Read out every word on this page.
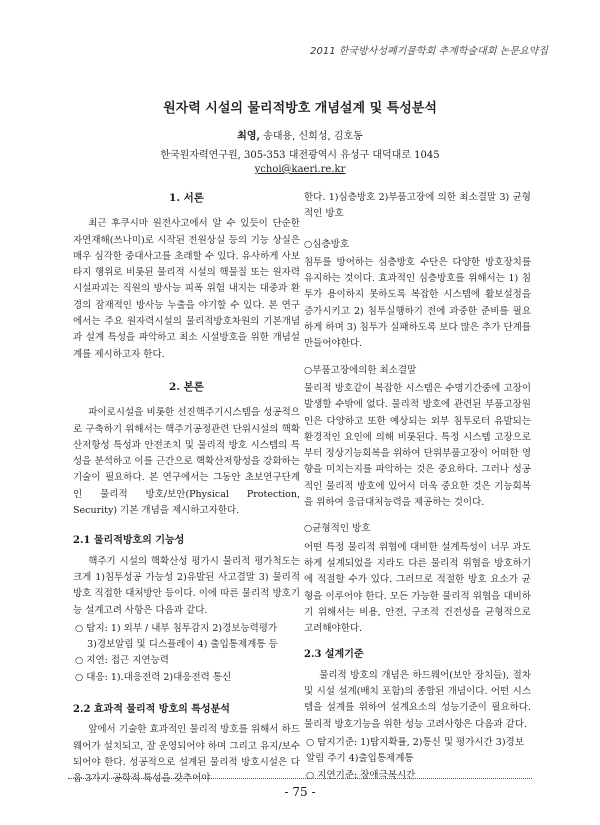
2011 한국방사성폐기물학회 추계학술대회 논문요약집
원자력 시설의 물리적방호 개념설계 및 특성분석
최영, 송대용, 신희성, 김호동
한국원자력연구원, 305-353 대전광역시 유성구 대덕대로 1045
ychoi@kaeri.re.kr
1. 서론

최근 후쿠시마 원전사고에서 알 수 있듯이 단순한 자연재해(쓰나미)로 시작된 전원상실 등의 기능 상실은 매우 심각한 중대사고를 초래할 수 있다. 유사하게 사보타지 행위로 비롯된 물리적 시설의 핵물질 또는 원자력 시설파괴는 직원의 방사능 피폭 위험 내지는 대중과 환경의 잠재적인 방사능 누출을 야기할 수 있다. 본 연구에서는 주요 원자력시설의 물리적방호차원의 기본개념과 설계 특성을 파악하고 최소 시설방호을 위한 개념설계를 제시하고자 한다.

2. 본론

파이로시설을 비롯한 선진핵주기시스템을 성공적으로 구축하기 위해서는 핵주기공정관련 단위시설의 핵확산저항성 특성과 안전조치 및 물리적 방호 시스템의 특성을 분석하고 이를 근간으로 핵확산저항성을 강화하는 기술이 필요하다. 본 연구에서는 그동안 초보연구단계인 물리적 방호/보안(Physical Protection, Security) 기본 개념을 제시하고자한다.

2.1 물리적방호의 기능성

핵주기 시설의 핵확산성 평가시 물리적 평가척도는 크게 1)침투성공 가능성 2)유발된 사고결말 3) 물리적 방호 직접한 대처방안 등이다. 이에 따른 물리적 방호기능 설계고려 사항은 다음과 같다.

○ 탐지: 1) 외부 / 내부 침투감지 2)경보능력평가
3)경보알림 및 디스플레이 4) 출입통제계통 등
○ 지연: 접근 지연능력
○ 대응: 1).대응전력 2)대응전력 통신
2.2 효과적 물리적 방호의 특성분석

앞에서 기술한 효과적인 물리적 방호를 위해서 하드웨어가 설치되고, 잘 운영되어야 하며 그리고 유지/보수되어야 한다. 성공적으로 설계된 물리적 방호시설은 다음 3가지 공학적 특성을 갖추어야

한다. 1)심층방호 2)부품고장에 의한 최소결말 3) 균형적인 방호

○심층방호

침투를 방어하는 심층방호 수단은 다양한 방호장치를 유지하는 것이다. 효과적인 심층방호를 위해서는 1) 침투가 용이하지 못하도록 복잡한 시스템에 활보설정을 증가시키고 2) 침투실행하기 전에 과중한 준비를 필요하게 하며 3) 침투가 실패하도록 보다 많은 추가 단계를 만들어야한다.

○부품고장에의한 최소결말

물리적 방호같이 복잡한 시스템은 수명기간중에 고장이 발생할 수밖에 없다. 물리적 방호에 관련된 부품고장원인은 다양하고 또한 예상되는 외부 침투로터 유발되는 환경적인 요인에 의해 비롯된다. 특정 시스템 고장으로부터 정상기능회복을 위하여 단위부품고장이 어떠한 영향을 미치는지를 파악하는 것은 중요하다. 그러나 성공적인 물리적 방호에 있어서 더욱 중요한 것은 기능회복을 위하여 응급대처능력을 제공하는 것이다.

○균형적인 방호

어떤 특정 물리적 위협에 대비한 설계특성이 너무 과도하게 설계되었을 지라도 다른 물리적 위협을 방호하기에 적절할 수가 있다. 그러므로 적절한 방호 요소가 균형을 이루어야 한다. 모든 가능한 물리적 위협을 대비하기 위해서는 비용, 안전, 구조적 건전성을 균형적으로 고려해야한다.

2.3 설계기준

물리적 방호의 개념은 하드웨어(보안 장치들), 절차 및 시설 설계(배치 포함)의 종합된 개념이다. 어떤 시스템을 설계를 위하여 설계요소의 성능기준이 필요하다. 물리적 방호기능을 위한 성능 고려사항은 다음과 같다.

○ 탐지기준: 1)탐지확률, 2)통신 및 평가시간 3)경보알림 주기 4)출입통제계통
○ 지연기준: 장애극복시간
- 75 -
